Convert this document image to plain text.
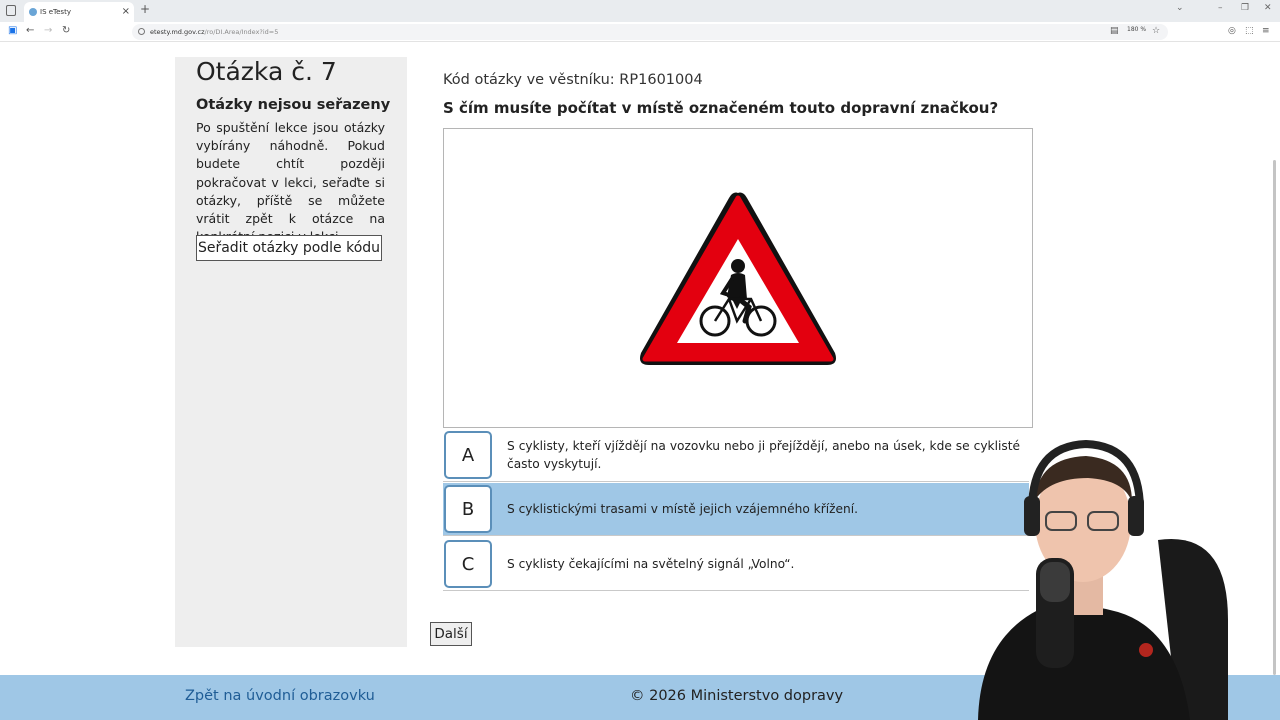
IS eTesty	× +	⌄	– ❐ ✕
▣ ← → ↻	etesty.md.gov.cz/ro/DI.Area/Index?id=5	▤ 180 % ☆	◎ ⬚ ≡
Otázka č. 7
Otázky nejsou seřazeny
Po spuštění lekce jsou otázky vybírány náhodně. Pokud budete chtít později pokračovat v lekci, seřaďte si otázky, příště se můžete vrátit zpět k otázce na
Seřadit otázky podle kódu
Kód otázky ve věstníku: RP1601004
S čím musíte počítat v místě označeném touto dopravní značkou?
A	S cyklisty, kteří vjíždějí na vozovku nebo ji přejíždějí, anebo na úsek, kde se cyklisté často vyskytují.
B	S cyklistickými trasami v místě jejich vzájemného křížení.
C	S cyklisty čekajícími na světelný signál „Volno“.
Další
Zpět na úvodní obrazovku	© 2026 Ministerstvo dopravy
